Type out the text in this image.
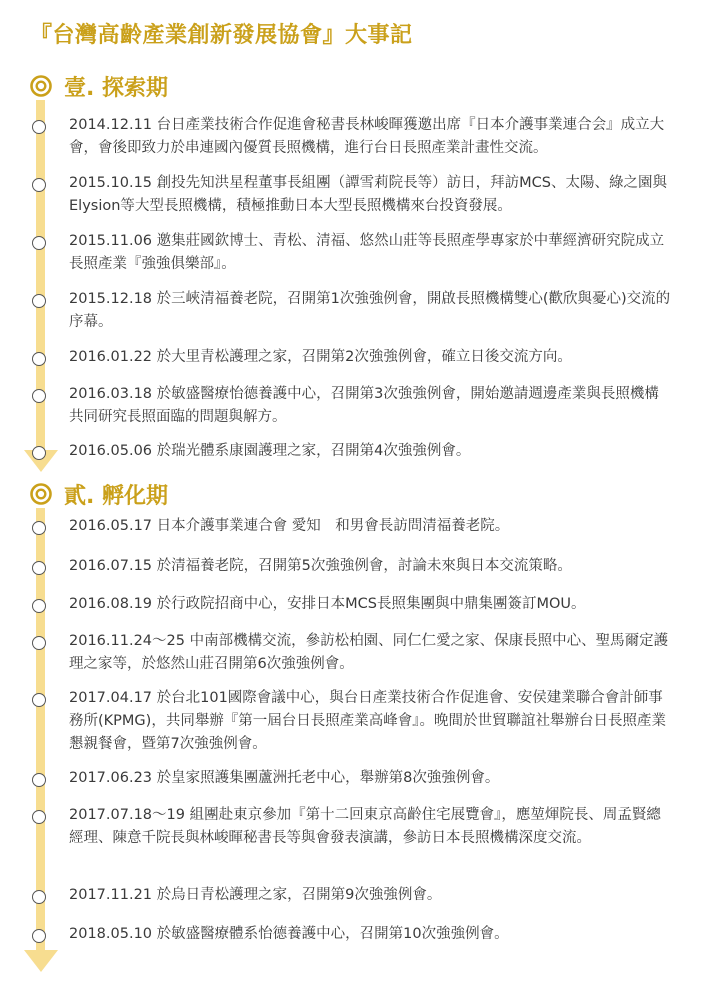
『台灣高齡產業創新發展協會』大事記
壹. 探索期

2014.12.11 台日產業技術合作促進會秘書長林峻暉獲邀出席『日本介護事業連合会』成立大會，會後即致力於串連國內優質長照機構，進行台日長照產業計畫性交流。

2015.10.15 創投先知洪星程董事長組團（譚雪莉院長等）訪日，拜訪MCS、太陽、綠之園與Elysion等大型長照機構，積極推動日本大型長照機構來台投資發展。

2015.11.06 邀集莊國欽博士、青松、清福、悠然山莊等長照產學專家於中華經濟研究院成立長照產業『強強俱樂部』。

2015.12.18 於三峽清福養老院，召開第1次強強例會，開啟長照機構雙心(歡欣與憂心)交流的序幕。

2016.01.22 於大里青松護理之家，召開第2次強強例會，確立日後交流方向。

2016.03.18 於敏盛醫療怡德養護中心，召開第3次強強例會，開始邀請週邊產業與長照機構共同研究長照面臨的問題與解方。

2016.05.06 於瑞光體系康園護理之家，召開第4次強強例會。

貳. 孵化期

2016.05.17 日本介護事業連合會 愛知　和男會長訪問清福養老院。

2016.07.15 於清福養老院，召開第5次強強例會，討論未來與日本交流策略。

2016.08.19 於行政院招商中心，安排日本MCS長照集團與中鼎集團簽訂MOU。

2016.11.24～25 中南部機構交流，參訪松柏園、同仁仁愛之家、保康長照中心、聖馬爾定護理之家等，於悠然山莊召開第6次強強例會。

2017.04.17 於台北101國際會議中心，與台日產業技術合作促進會、安侯建業聯合會計師事務所(KPMG)，共同舉辦『第一屆台日長照產業高峰會』。晚間於世貿聯誼社舉辦台日長照產業懇親餐會，暨第7次強強例會。

2017.06.23 於皇家照護集團蘆洲托老中心，舉辦第8次強強例會。

2017.07.18～19 組團赴東京參加『第十二回東京高齡住宅展覽會』，應堃煇院長、周孟賢總經理、陳意千院長與林峻暉秘書長等與會發表演講，參訪日本長照機構深度交流。

2017.11.21 於烏日青松護理之家，召開第9次強強例會。

2018.05.10 於敏盛醫療體系怡德養護中心，召開第10次強強例會。
